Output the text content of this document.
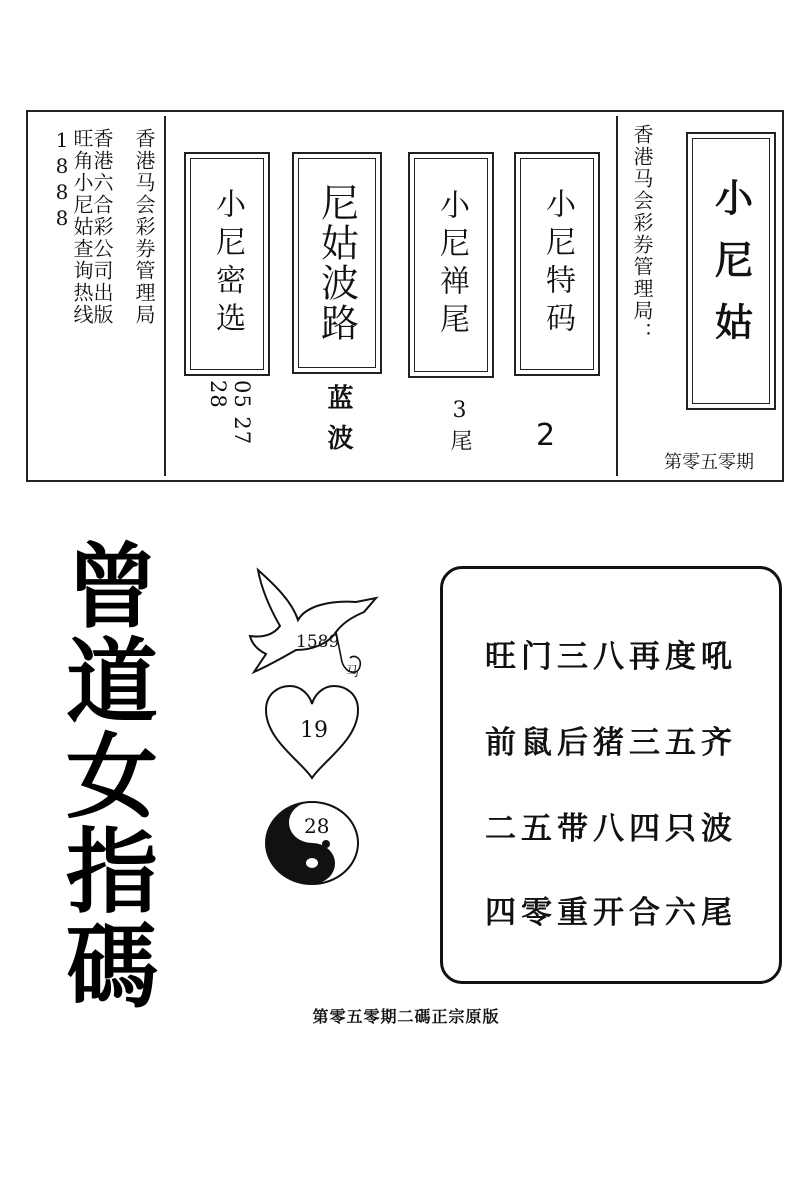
旺角小尼姑查询热线1888 香港六合彩公司出版 香港马会彩券管理局 小尼密选
05 27 28
尼姑波路
蓝波
小尼禅尾
3尾
小尼特码
2
香港马会彩券管理局： 小尼姑
第零五零期
曾
道
女
指
碼
1589
马
19
28
旺门三八再度吼
前鼠后猪三五齐
二五带八四只波
四零重开合六尾
第零五零期二碼正宗原版
